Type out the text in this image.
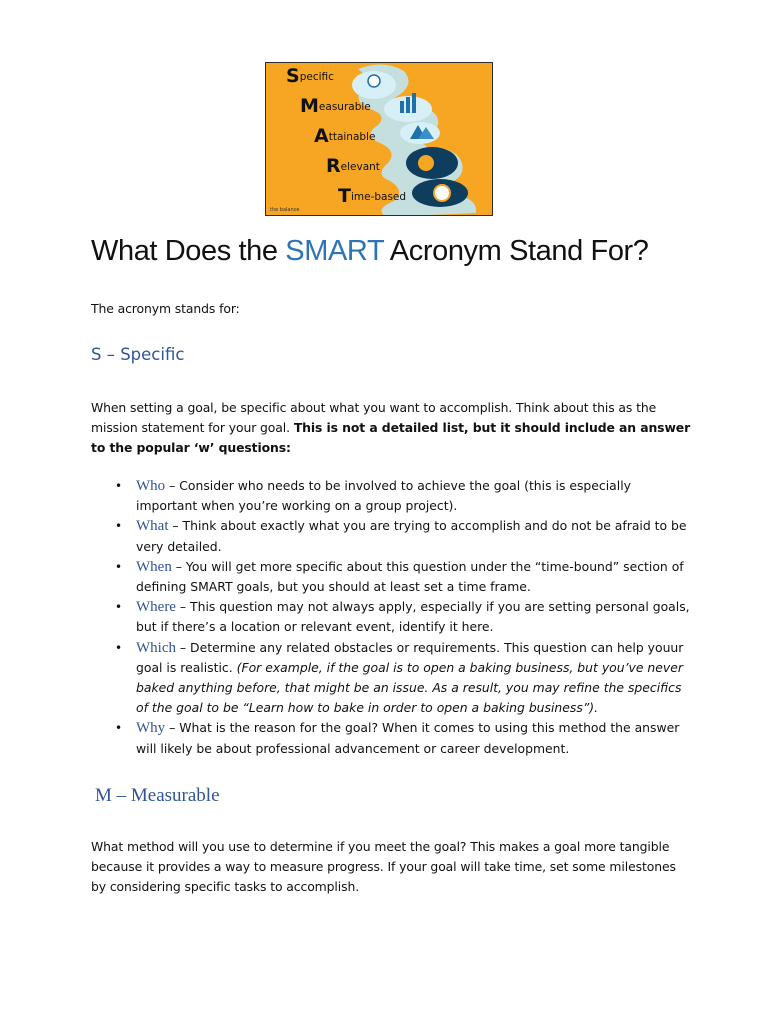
Specific
Measurable
Attainable
Relevant
Time-based
the balance
What Does the SMART Acronym Stand For?
The acronym stands for:
S – Specific
When setting a goal, be specific about what you want to accomplish. Think about this as the mission statement for your goal. This is not a detailed list, but it should include an answer to the popular ‘w’ questions:
• Who – Consider who needs to be involved to achieve the goal (this is especially important when you’re working on a group project).
• What – Think about exactly what you are trying to accomplish and do not be afraid to be very detailed.
• When – You will get more specific about this question under the “time-bound” section of defining SMART goals, but you should at least set a time frame.
• Where – This question may not always apply, especially if you are setting personal goals, but if there’s a location or relevant event, identify it here.
• Which – Determine any related obstacles or requirements. This question can help youur goal is realistic. (For example, if the goal is to open a baking business, but you’ve never baked anything before, that might be an issue. As a result, you may refine the specifics of the goal to be “Learn how to bake in order to open a baking business”).
• Why – What is the reason for the goal? When it comes to using this method the answer will likely be about professional advancement or career development.
M – Measurable
What method will you use to determine if you meet the goal? This makes a goal more tangible because it provides a way to measure progress. If your goal will take time, set some milestones by considering specific tasks to accomplish.
